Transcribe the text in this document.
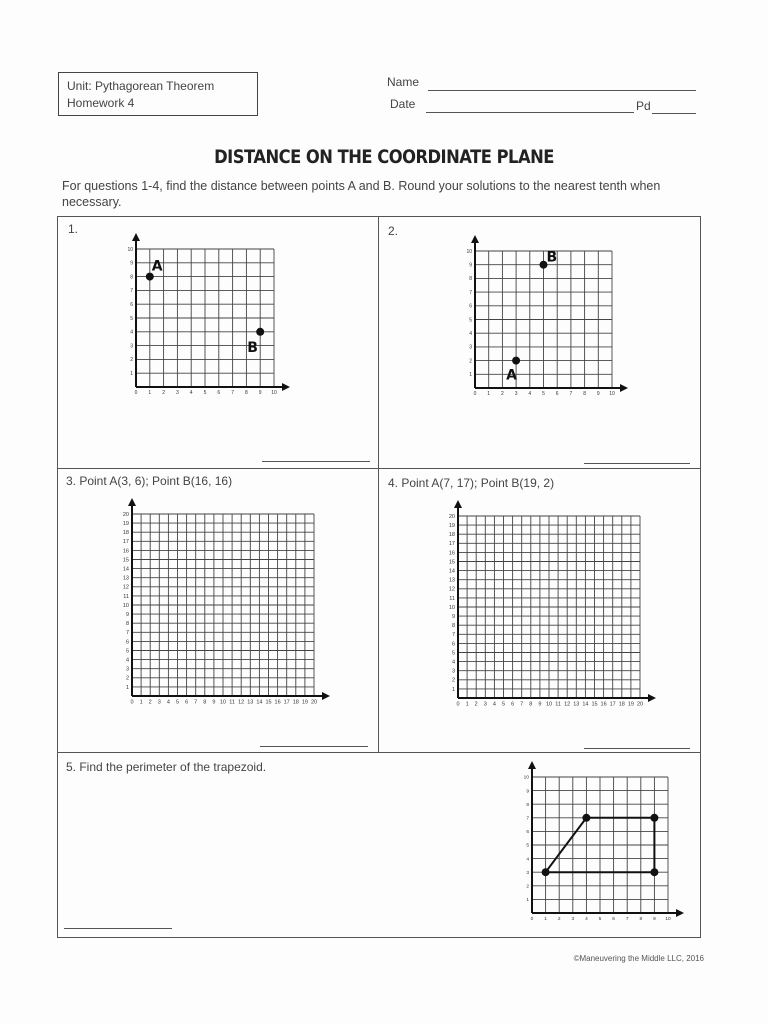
Unit: Pythagorean Theorem
Homework 4
Name
Date	Pd
DISTANCE ON THE COORDINATE PLANE
For questions 1-4, find the distance between points A and B. Round your solutions to the nearest tenth when necessary.
1.	2.
3. Point A(3, 6); Point B(16, 16)	4. Point A(7, 17); Point B(19, 2)
5. Find the perimeter of the trapezoid.
0 1
1
2
2
3
3
4
4
5
5
6
6
7
7
8
8
9
9
10
10
A
B
0 1
1
2
2
3
3
4
4
5
5
6
6
7
7
8
8
9
9
10
10
A
B
0 1
1
2
2
3
3
4
4
5
5
6
6
7
7
8
8
9
9
10
10
11
11
12
12
13
13
14
14
15
15
16
16
17
17
18
18
19
19
20
20
0 1
1
2
2
3
3
4
4
5
5
6
6
7
7
8
8
9
9
10
10
11
11
12
12
13
13
14
14
15
15
16
16
17
17
18
18
19
19
20
20
0 1
1
2
2
3
3
4
4
5
5
6
6
7
7
8
8
9
9
10
10
©Maneuvering the Middle LLC, 2016
